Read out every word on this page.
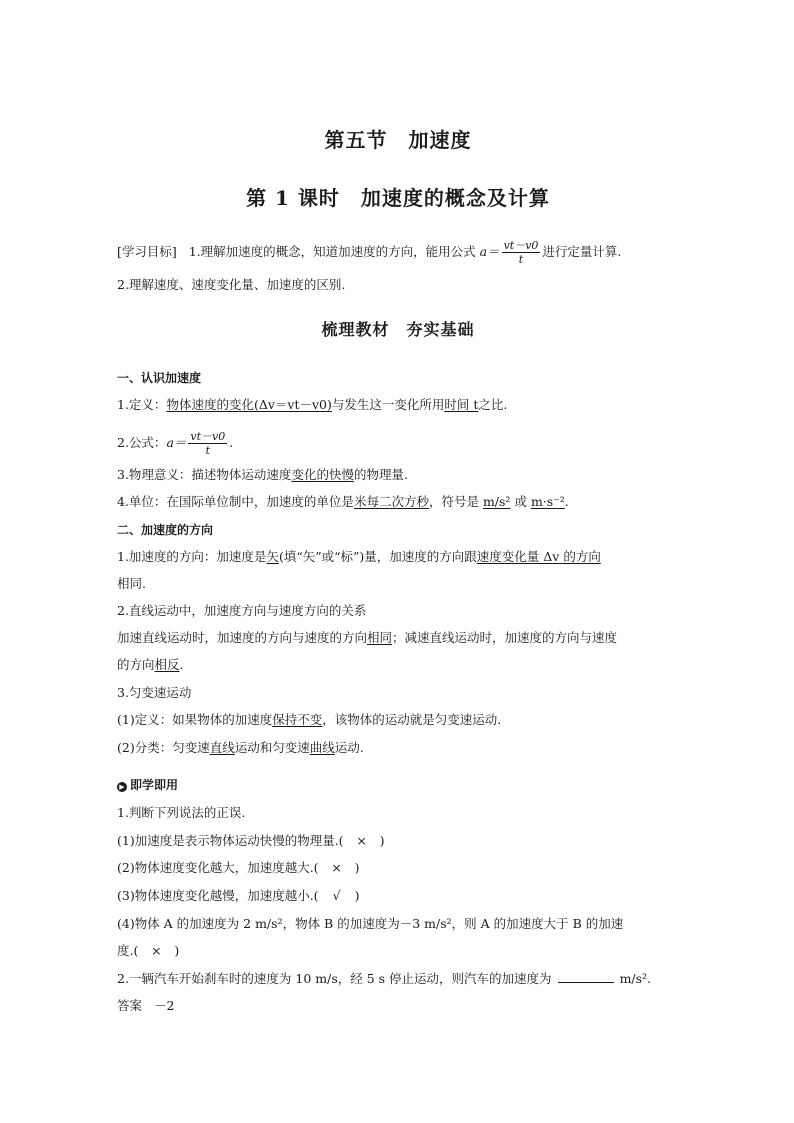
第五节　加速度
第 1 课时　加速度的概念及计算
[学习目标] 1.理解加速度的概念，知道加速度的方向，能用公式 $a= \frac{vt-v0}{t}$ 进行定量计算.
2.理解速度、速度变化量、加速度的区别.
梳理教材　夯实基础
一、认识加速度
1.定义：物体速度的变化(Δv＝vt－v0)与发生这一变化所用时间 t之比.
2.公式：$a= \frac{vt-v0}{t}$ .
3.物理意义：描述物体运动速度变化的快慢的物理量.
4.单位：在国际单位制中，加速度的单位是米每二次方秒，符号是 m/s² 或 m·s⁻².
二、加速度的方向
1.加速度的方向：加速度是矢(填“矢”或“标”)量，加速度的方向跟速度变化量 Δv 的方向
相同.
2.直线运动中，加速度方向与速度方向的关系
加速直线运动时，加速度的方向与速度的方向相同；减速直线运动时，加速度的方向与速度
的方向相反.
3.匀变速运动
(1)定义：如果物体的加速度保持不变，该物体的运动就是匀变速运动.
(2)分类：匀变速直线运动和匀变速曲线运动.
▶ 即学即用
1.判断下列说法的正误.
(1)加速度是表示物体运动快慢的物理量.( × )
(2)物体速度变化越大，加速度越大.( × )
(3)物体速度变化越慢，加速度越小.( √ )
(4)物体 A 的加速度为 2 m/s²，物体 B 的加速度为－3 m/s²，则 A 的加速度大于 B 的加速
度.( × )
2.一辆汽车开始刹车时的速度为 10 m/s，经 5 s 停止运动，则汽车的加速度为	m/s².
答案 －2
